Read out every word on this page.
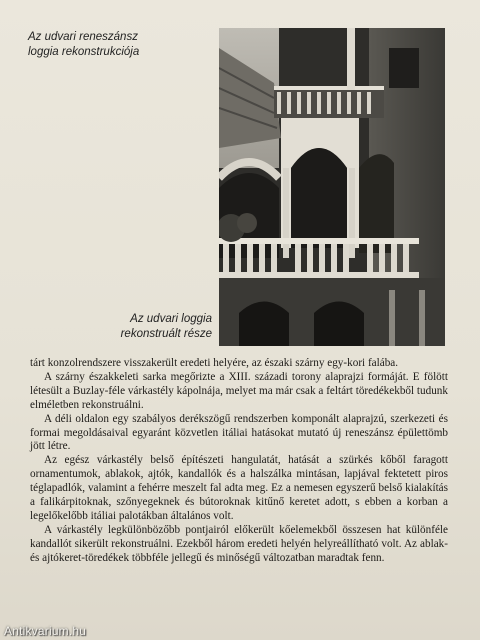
Az udvari reneszánsz
loggia rekonstrukciója
Az udvari loggia
rekonstruált része

tárt konzolrendszere visszakerült eredeti helyére, az északi szárny egy-kori falába.

A szárny északkeleti sarka megőrizte a XIII. századi torony alaprajzi formáját. E fölött létesült a Buzlay-féle várkastély kápolnája, melyet ma már csak a feltárt töredékekből tudunk elméletben rekonstruálni.

A déli oldalon egy szabályos derékszögű rendszerben komponált alaprajzú, szerkezeti és formai megoldásaival egyaránt közvetlen itáliai hatásokat mutató új reneszánsz épülettömb jött létre.

Az egész várkastély belső építészeti hangulatát, hatását a szürkés kőből faragott ornamentumok, ablakok, ajtók, kandallók és a halszálka mintásan, lapjával fektetett piros téglapadlók, valamint a fehérre meszelt fal adta meg. Ez a nemesen egyszerű belső kialakítás a falikárpitoknak, szőnyegeknek és bútoroknak kitűnő keretet adott, s ebben a korban a legelőkelőbb itáliai palotákban általános volt.

A várkastély legkülönbözőbb pontjairól előkerült kőelemekből összesen hat különféle kandallót sikerült rekonstruálni. Ezekből három eredeti helyén helyreállítható volt. Az ablak- és ajtókeret-töredékek többféle jellegű és minőségű változatban maradtak fenn.

Antikvarium.hu
